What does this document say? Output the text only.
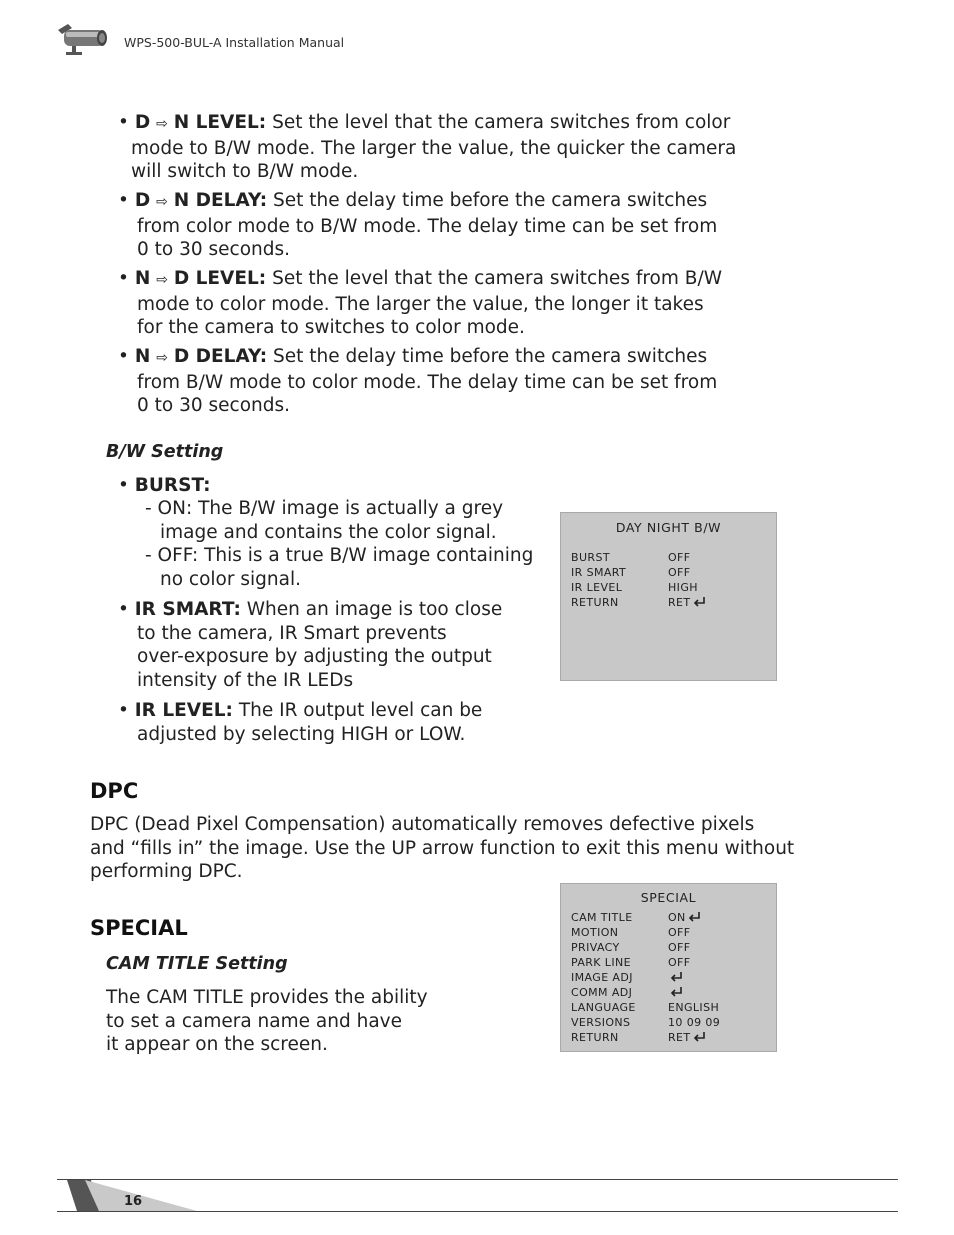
WPS-500-BUL-A Installation Manual
• D ⇨ N LEVEL: Set the level that the camera switches from color
mode to B/W mode. The larger the value, the quicker the camera
will switch to B/W mode.
• D ⇨ N DELAY: Set the delay time before the camera switches
from color mode to B/W mode. The delay time can be set from
0 to 30 seconds.
• N ⇨ D LEVEL: Set the level that the camera switches from B/W
mode to color mode. The larger the value, the longer it takes
for the camera to switches to color mode.
• N ⇨ D DELAY: Set the delay time before the camera switches
from B/W mode to color mode. The delay time can be set from
0 to 30 seconds.
B/W Setting
• BURST:
- ON: The B/W image is actually a grey
image and contains the color signal.
- OFF: This is a true B/W image containing
no color signal.
• IR SMART: When an image is too close
to the camera, IR Smart prevents
over-exposure by adjusting the output
intensity of the IR LEDs
• IR LEVEL: The IR output level can be
adjusted by selecting HIGH or LOW.
DAY NIGHT B/W
BURST	OFF
IR SMART	OFF
IR LEVEL	HIGH
RETURN	RET
DPC
DPC (Dead Pixel Compensation) automatically removes defective pixels
and “fills in” the image. Use the UP arrow function to exit this menu without
performing DPC.
SPECIAL
CAM TITLE Setting
The CAM TITLE provides the ability
to set a camera name and have
it appear on the screen.
SPECIAL
CAM TITLE	ON
MOTION	OFF
PRIVACY	OFF
PARK LINE	OFF
IMAGE ADJ
COMM ADJ
LANGUAGE	ENGLISH
VERSIONS	10 09 09
RETURN	RET
16
